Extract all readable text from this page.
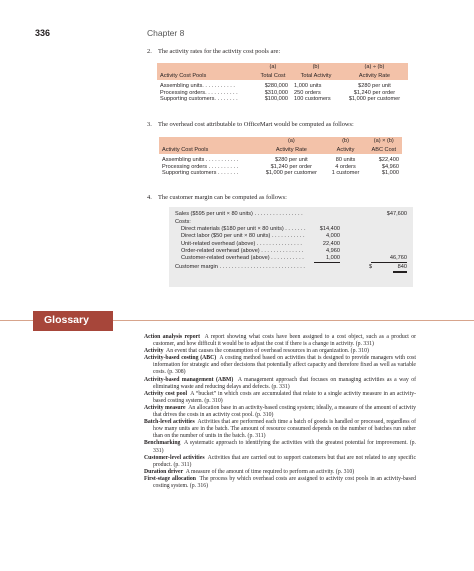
336	Chapter 8
2. The activity rates for the activity cost pools are:
	(a)	(b)	(a) ÷ (b)
Activity Cost Pools	Total Cost	Total Activity	Activity Rate
Assembling units. . . . . . . . . . .	$280,000	1,000 units	$280 per unit
Processing orders. . . . . . . . . . .	$310,000	250 orders	$1,240 per order
Supporting customers. . . . . . . .	$100,000	100 customers	$1,000 per customer
3. The overhead cost attributable to OfficeMart would be computed as follows:
	(a)	(b)	(a) × (b)
Activity Cost Pools	Activity Rate	Activity	ABC Cost
Assembling units . . . . . . . . . . .	$280 per unit	80 units	$22,400
Processing orders . . . . . . . . . .	$1,240 per order	4 orders	$4,960
Supporting customers . . . . . . .	$1,000 per customer	1 customer	$1,000
4. The customer margin can be computed as follows:
Sales ($595 per unit × 80 units) . . . . . . . . . . . . . . . .	$47,600
Costs:
Direct materials ($180 per unit × 80 units) . . . . . . .	$14,400
Direct labor ($50 per unit × 80 units) . . . . . . . . . . .	4,000
Unit-related overhead (above) . . . . . . . . . . . . . . .	22,400
Order-related overhead (above) . . . . . . . . . . . . . .	4,960
Customer-related overhead (above) . . . . . . . . . . .	1,000	46,760
Customer margin . . . . . . . . . . . . . . . . . . . . . . . . . . . .	$	840
Glossary

Action analysis report A report showing what costs have been assigned to a cost object, such as a product or customer, and how difficult it would be to adjust the cost if there is a change in activity. (p. 331)

Activity An event that causes the consumption of overhead resources in an organization. (p. 310)

Activity-based costing (ABC) A costing method based on activities that is designed to provide managers with cost information for strategic and other decisions that potentially affect capacity and therefore fixed as well as variable costs. (p. 308)

Activity-based management (ABM) A management approach that focuses on managing activities as a way of eliminating waste and reducing delays and defects. (p. 331)

Activity cost pool A “bucket” in which costs are accumulated that relate to a single activity measure in an activity-based costing system. (p. 310)

Activity measure An allocation base in an activity-based costing system; ideally, a measure of the amount of activity that drives the costs in an activity cost pool. (p. 310)

Batch-level activities Activities that are performed each time a batch of goods is handled or processed, regardless of how many units are in the batch. The amount of resource consumed depends on the number of batches run rather than on the number of units in the batch. (p. 311)

Benchmarking A systematic approach to identifying the activities with the greatest potential for improvement. (p. 331)

Customer-level activities Activities that are carried out to support customers but that are not related to any specific product. (p. 311)

Duration driver A measure of the amount of time required to perform an activity. (p. 310)

First-stage allocation The process by which overhead costs are assigned to activity cost pools in an activity-based costing system. (p. 316)
